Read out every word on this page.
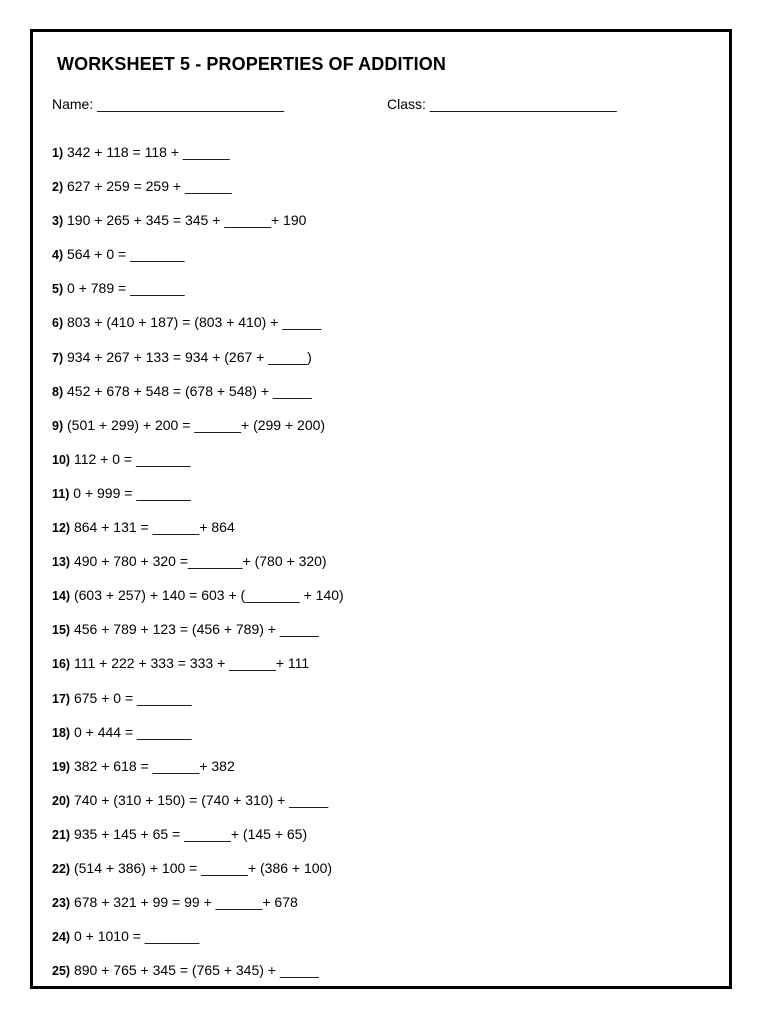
WORKSHEET 5 - PROPERTIES OF ADDITION
Name: ________________________	Class: ________________________
1) 342 + 118 = 118 + ______
2) 627 + 259 = 259 + ______
3) 190 + 265 + 345 = 345 + ______+ 190
4) 564 + 0 = _______
5) 0 + 789 = _______
6) 803 + (410 + 187) = (803 + 410) + _____
7) 934 + 267 + 133 = 934 + (267 + _____)
8) 452 + 678 + 548 = (678 + 548) + _____
9) (501 + 299) + 200 = ______+ (299 + 200)
10) 112 + 0 = _______
11) 0 + 999 = _______
12) 864 + 131 = ______+ 864
13) 490 + 780 + 320 =_______+ (780 + 320)
14) (603 + 257) + 140 = 603 + (_______ + 140)
15) 456 + 789 + 123 = (456 + 789) + _____
16) 111 + 222 + 333 = 333 + ______+ 111
17) 675 + 0 = _______
18) 0 + 444 = _______
19) 382 + 618 = ______+ 382
20) 740 + (310 + 150) = (740 + 310) + _____
21) 935 + 145 + 65 = ______+ (145 + 65)
22) (514 + 386) + 100 = ______+ (386 + 100)
23) 678 + 321 + 99 = 99 + ______+ 678
24) 0 + 1010 = _______
25) 890 + 765 + 345 = (765 + 345) + _____
